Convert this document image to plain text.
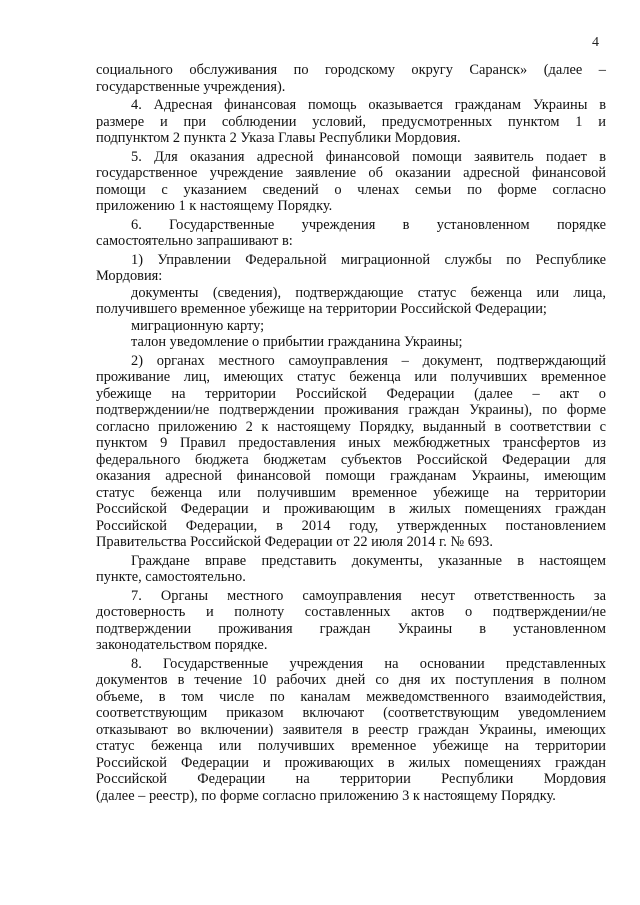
4
социального обслуживания по городскому округу Саранск» (далее –
государственные учреждения).
4. Адресная финансовая помощь оказывается гражданам Украины в
размере и при соблюдении условий, предусмотренных пунктом 1 и
подпунктом 2 пункта 2 Указа Главы Республики Мордовия.
5. Для оказания адресной финансовой помощи заявитель подает в
государственное учреждение заявление об оказании адресной финансовой
помощи с указанием сведений о членах семьи по форме согласно
приложению 1 к настоящему Порядку.
6. Государственные учреждения в установленном порядке
самостоятельно запрашивают в:
1) Управлении Федеральной миграционной службы по Республике
Мордовия:
документы (сведения), подтверждающие статус беженца или лица,
получившего временное убежище на территории Российской Федерации;
миграционную карту;
талон уведомление о прибытии гражданина Украины;
2) органах местного самоуправления – документ, подтверждающий
проживание лиц, имеющих статус беженца или получивших временное
убежище на территории Российской Федерации (далее – акт о
подтверждении/не подтверждении проживания граждан Украины), по форме
согласно приложению 2 к настоящему Порядку, выданный в соответствии с
пунктом 9 Правил предоставления иных межбюджетных трансфертов из
федерального бюджета бюджетам субъектов Российской Федерации для
оказания адресной финансовой помощи гражданам Украины, имеющим
статус беженца или получившим временное убежище на территории
Российской Федерации и проживающим в жилых помещениях граждан
Российской Федерации, в 2014 году, утвержденных постановлением
Правительства Российской Федерации от 22 июля 2014 г. № 693.
Граждане вправе представить документы, указанные в настоящем
пункте, самостоятельно.
7. Органы местного самоуправления несут ответственность за
достоверность и полноту составленных актов о подтверждении/не
подтверждении проживания граждан Украины в установленном
законодательством порядке.
8. Государственные учреждения на основании представленных
документов в течение 10 рабочих дней со дня их поступления в полном
объеме, в том числе по каналам межведомственного взаимодействия,
соответствующим приказом включают (соответствующим уведомлением
отказывают во включении) заявителя в реестр граждан Украины, имеющих
статус беженца или получивших временное убежище на территории
Российской Федерации и проживающих в жилых помещениях граждан
Российской Федерации на территории Республики Мордовия
(далее – реестр), по форме согласно приложению 3 к настоящему Порядку.
